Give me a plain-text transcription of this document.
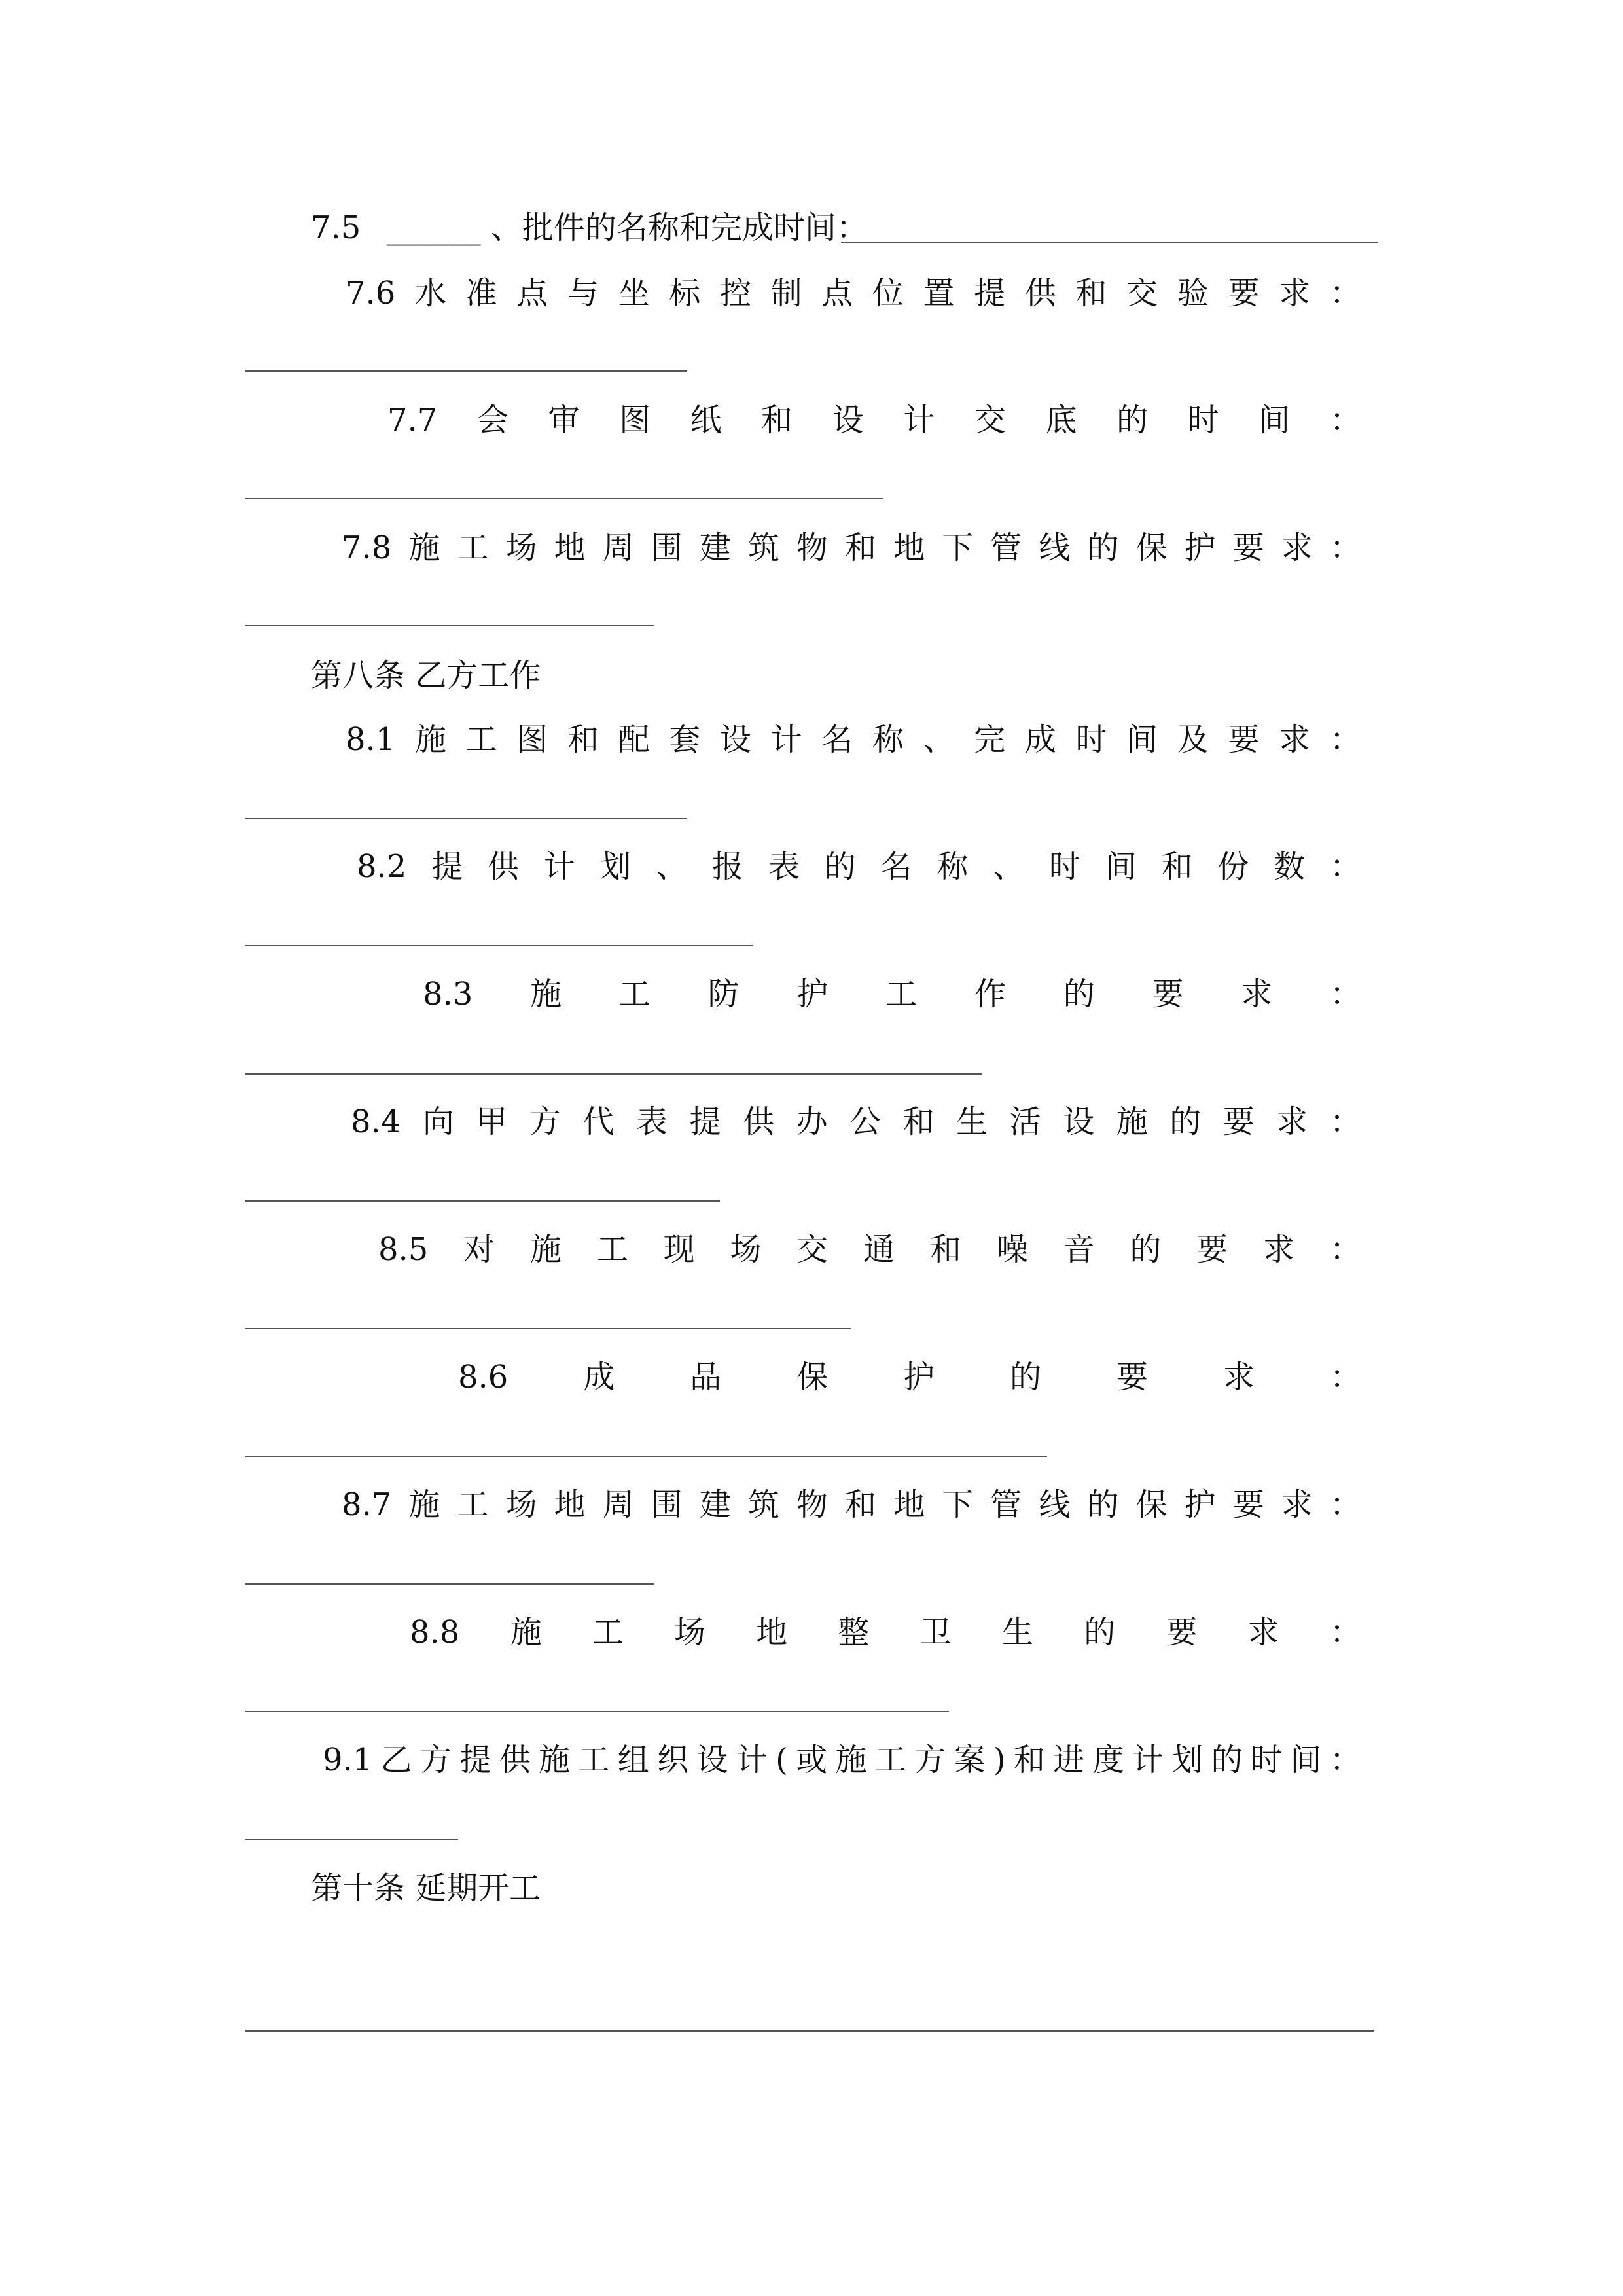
7.5 ______ 、批件的名称和完成时间：
7.6 水 准 点 与 坐 标 控 制 点 位 置 提 供 和 交 验 要 求 ：
7.7 会 审 图 纸 和 设 计 交 底 的 时 间 ：
7.8 施 工 场 地 周 围 建 筑 物 和 地 下 管 线 的 保 护 要 求 ：
第八条 乙方工作
8.1 施 工 图 和 配 套 设 计 名 称 、 完 成 时 间 及 要 求 ：
8.2 提 供 计 划 、 报 表 的 名 称 、 时 间 和 份 数 ：
8.3 施 工 防 护 工 作 的 要 求 ：
8.4 向 甲 方 代 表 提 供 办 公 和 生 活 设 施 的 要 求 ：
8.5 对 施 工 现 场 交 通 和 噪 音 的 要 求 ：
8.6 成 品 保 护 的 要 求 ：
8.7 施 工 场 地 周 围 建 筑 物 和 地 下 管 线 的 保 护 要 求 ：
8.8 施 工 场 地 整 卫 生 的 要 求 ：
9.1 乙 方 提 供 施 工 组 织 设 计 ( 或 施 工 方 案 ) 和 进 度 计 划 的 时 间 ：
第十条 延期开工
